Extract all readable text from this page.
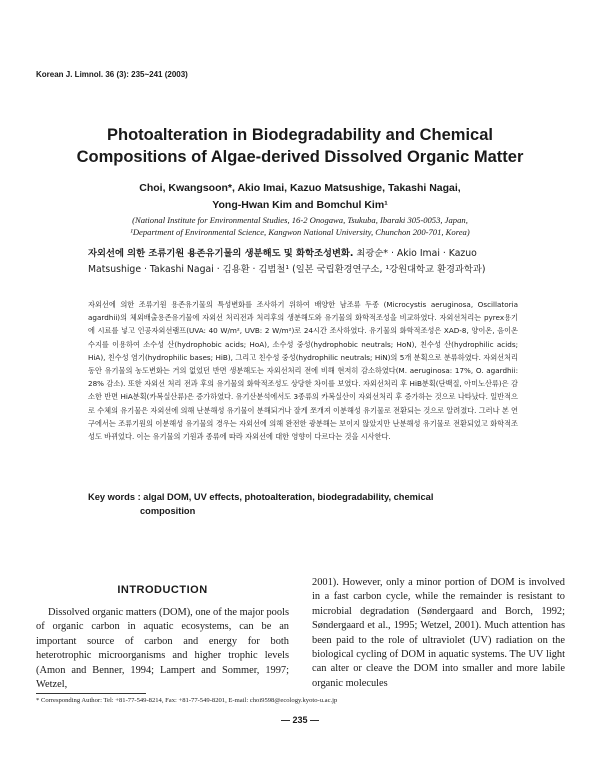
Korean J. Limnol. 36 (3): 235~241 (2003)
Photoalteration in Biodegradability and Chemical
Compositions of Algae-derived Dissolved Organic Matter
Choi, Kwangsoon*, Akio Imai, Kazuo Matsushige, Takashi Nagai,
Yong-Hwan Kim and Bomchul Kim¹
(National Institute for Environmental Studies, 16-2 Onogawa, Tsukuba, Ibaraki 305-0053, Japan,
¹Department of Environmental Science, Kangwon National University, Chunchon 200-701, Korea)
자외선에 의한 조류기원 용존유기물의 생분해도 및 화학조성변화. 최광순* · Akio Imai · Kazuo Matsushige · Takashi Nagai · 김용환 · 김범철¹ (일본 국립환경연구소, ¹강원대학교 환경과학과)
자외선에 의한 조류기원 용존유기물의 특성변화를 조사하기 위하여 배양한 남조류 두종 (Microcystis aeruginosa, Oscillatoria agardhii)의 체외배출용존유기물에 자외선 처리전과 처리후의 생분해도와 유기물의 화학적조성을 비교하였다. 자외선처리는 pyrex용기에 시료를 넣고 인공자외선램프(UVA: 40 W/m², UVB: 2 W/m²)로 24시간 조사하였다. 유기물의 화학적조성은 XAD-8, 양이온, 음이온수지를 이용하여 소수성 산(hydrophobic acids; HoA), 소수성 중성(hydrophobic neutrals; HoN), 친수성 산(hydrophilic acids; HiA), 친수성 염기(hydrophilic bases; HiB), 그리고 친수성 중성(hydrophilic neutrals; HiN)의 5개 분획으로 분류하였다. 자외선처리동안 유기물의 농도변화는 거의 없었던 반면 생분해도는 자외선처리 전에 비해 현저히 감소하였다(M. aeruginosa: 17%, O. agardhii: 28% 감소). 또한 자외선 처리 전과 후의 유기물의 화학적조성도 상당한 차이를 보였다. 자외선처리 후 HiB분획(단백질, 아미노산류)은 감소한 반면 HiA분획(카복실산류)은 증가하였다. 유기산분석에서도 3종류의 카복실산이 자외선처리 후 증가하는 것으로 나타났다. 일반적으로 수체의 유기물은 자외선에 의해 난분해성 유기물이 분해되거나 잘게 쪼개져 이분해성 유기물로 전환되는 것으로 알려졌다. 그러나 본 연구에서는 조류기원의 이분해성 유기물의 경우는 자외선에 의해 완전한 광분해는 보이지 않았지만 난분해성 유기물로 전환되었고 화학적조성도 바뀌었다. 이는 유기물의 기원과 종류에 따라 자외선에 대한 영향이 다르다는 것을 시사한다.
Key words : algal DOM, UV effects, photoalteration, biodegradability, chemical
composition
INTRODUCTION

Dissolved organic matters (DOM), one of the major pools of organic carbon in aquatic ecosystems, can be an important source of carbon and energy for both heterotrophic microorganisms and higher trophic levels (Amon and Benner, 1994; Lampert and Sommer, 1997; Wetzel,

2001). However, only a minor portion of DOM is involved in a fast carbon cycle, while the remainder is resistant to microbial degradation (Søndergaard and Borch, 1992; Søndergaard et al., 1995; Wetzel, 2001). Much attention has been paid to the role of ultraviolet (UV) radiation on the biological cycling of DOM in aquatic systems. The UV light can alter or cleave the DOM into smaller and more labile organic molecules

* Corresponding Author: Tel: +81-77-549-8214, Fax: +81-77-549-8201, E-mail: choi9598@ecology.kyoto-u.ac.jp
— 235 —
